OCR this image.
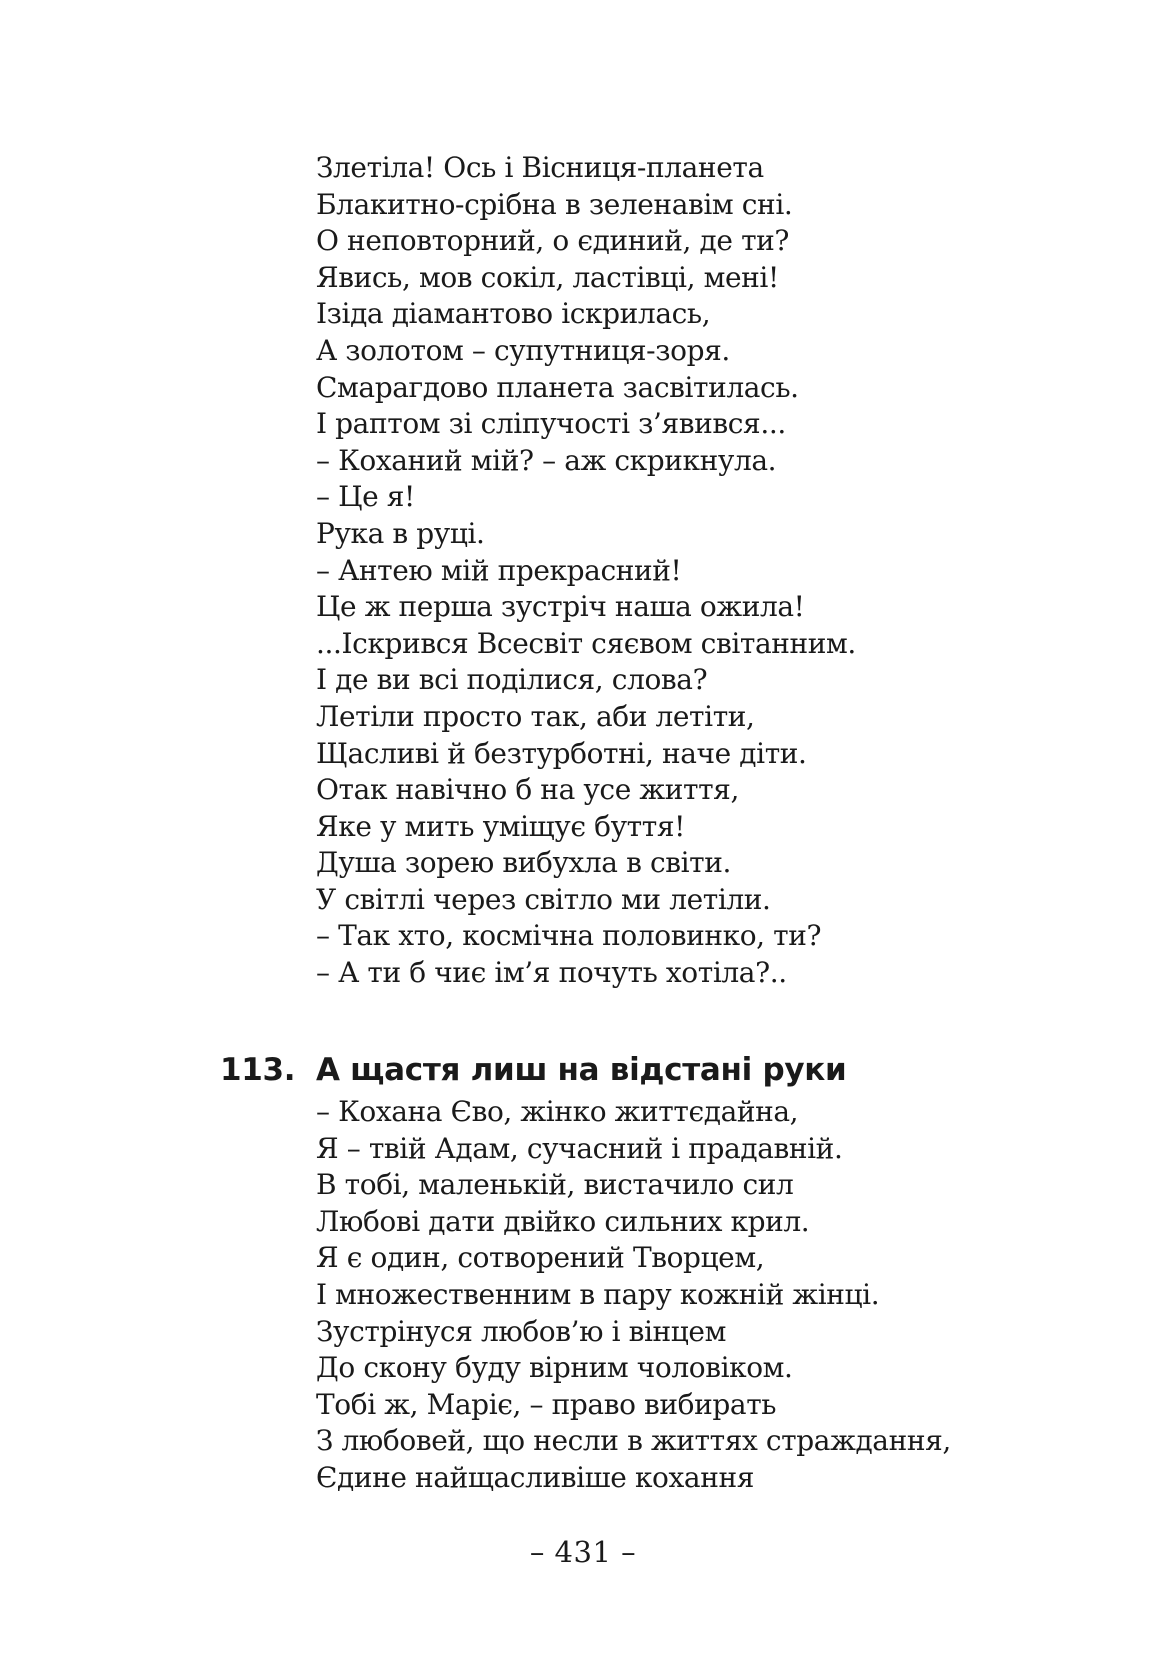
Злетіла! Ось і Вісниця-планета
Блакитно-срібна в зеленавім сні.
О неповторний, о єдиний, де ти?
Явись, мов сокіл, ластівці, мені!
Ізіда діамантово іскрилась,
А золотом – супутниця-зоря.
Смарагдово планета засвітилась.
І раптом зі сліпучості з’явився...
– Коханий мій? – аж скрикнула.
– Це я!
Рука в руці.
– Антею мій прекрасний!
Це ж перша зустріч наша ожила!
...Іскрився Всесвіт сяєвом світанним.
І де ви всі поділися, слова?
Летіли просто так, аби летіти,
Щасливі й безтурботні, наче діти.
Отак навічно б на усе життя,
Яке у мить уміщує буття!
Душа зорею вибухла в світи.
У світлі через світло ми летіли.
– Так хто, космічна половинко, ти?
– А ти б чиє ім’я почуть хотіла?..
113. А щастя лиш на відстані руки
– Кохана Єво, жінко життєдайна,
Я – твій Адам, сучасний і прадавній.
В тобі, маленькій, вистачило сил
Любові дати двійко сильних крил.
Я є один, сотворений Творцем,
І множественним в пару кожній жінці.
Зустрінуся любов’ю і вінцем
До скону буду вірним чоловіком.
Тобі ж, Маріє, – право вибирать
З любовей, що несли в життях страждання,
Єдине найщасливіше кохання
– 431 –
